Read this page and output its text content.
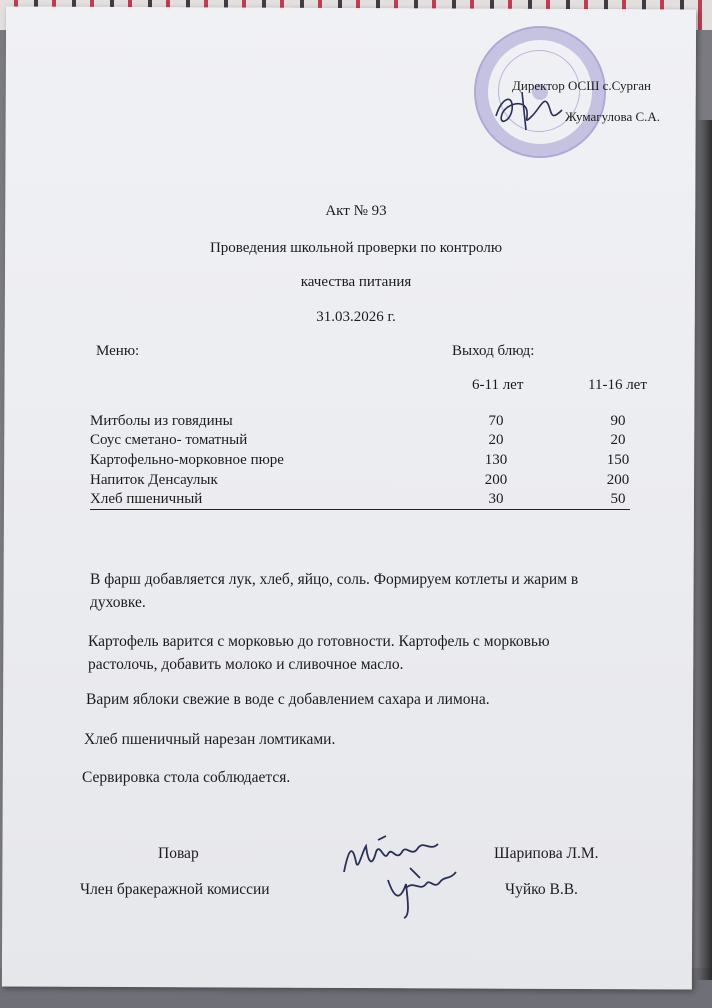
Директор ОСШ с.Сурган
Жумагулова С.А.
Акт № 93
Проведения школьной проверки по контролю
качества питания
31.03.2026 г.
Меню:	Выход блюд:
6-11 лет	11-16 лет
Митболы из говядины	70	90
Соус сметано- томатный	20	20
Картофельно-морковное пюре	130	150
Напиток Денсаулык	200	200
Хлеб пшеничный	30	50
В фарш добавляется лук, хлеб, яйцо, соль. Формируем котлеты и жарим в
духовке.
Картофель варится с морковью до готовности. Картофель с морковью
растолочь, добавить молоко и сливочное масло.
Варим яблоки свежие в воде с добавлением сахара и лимона.
Хлеб пшеничный нарезан ломтиками.
Сервировка стола соблюдается.
Повар	Шарипова Л.М.
Член бракеражной комиссии	Чуйко В.В.
